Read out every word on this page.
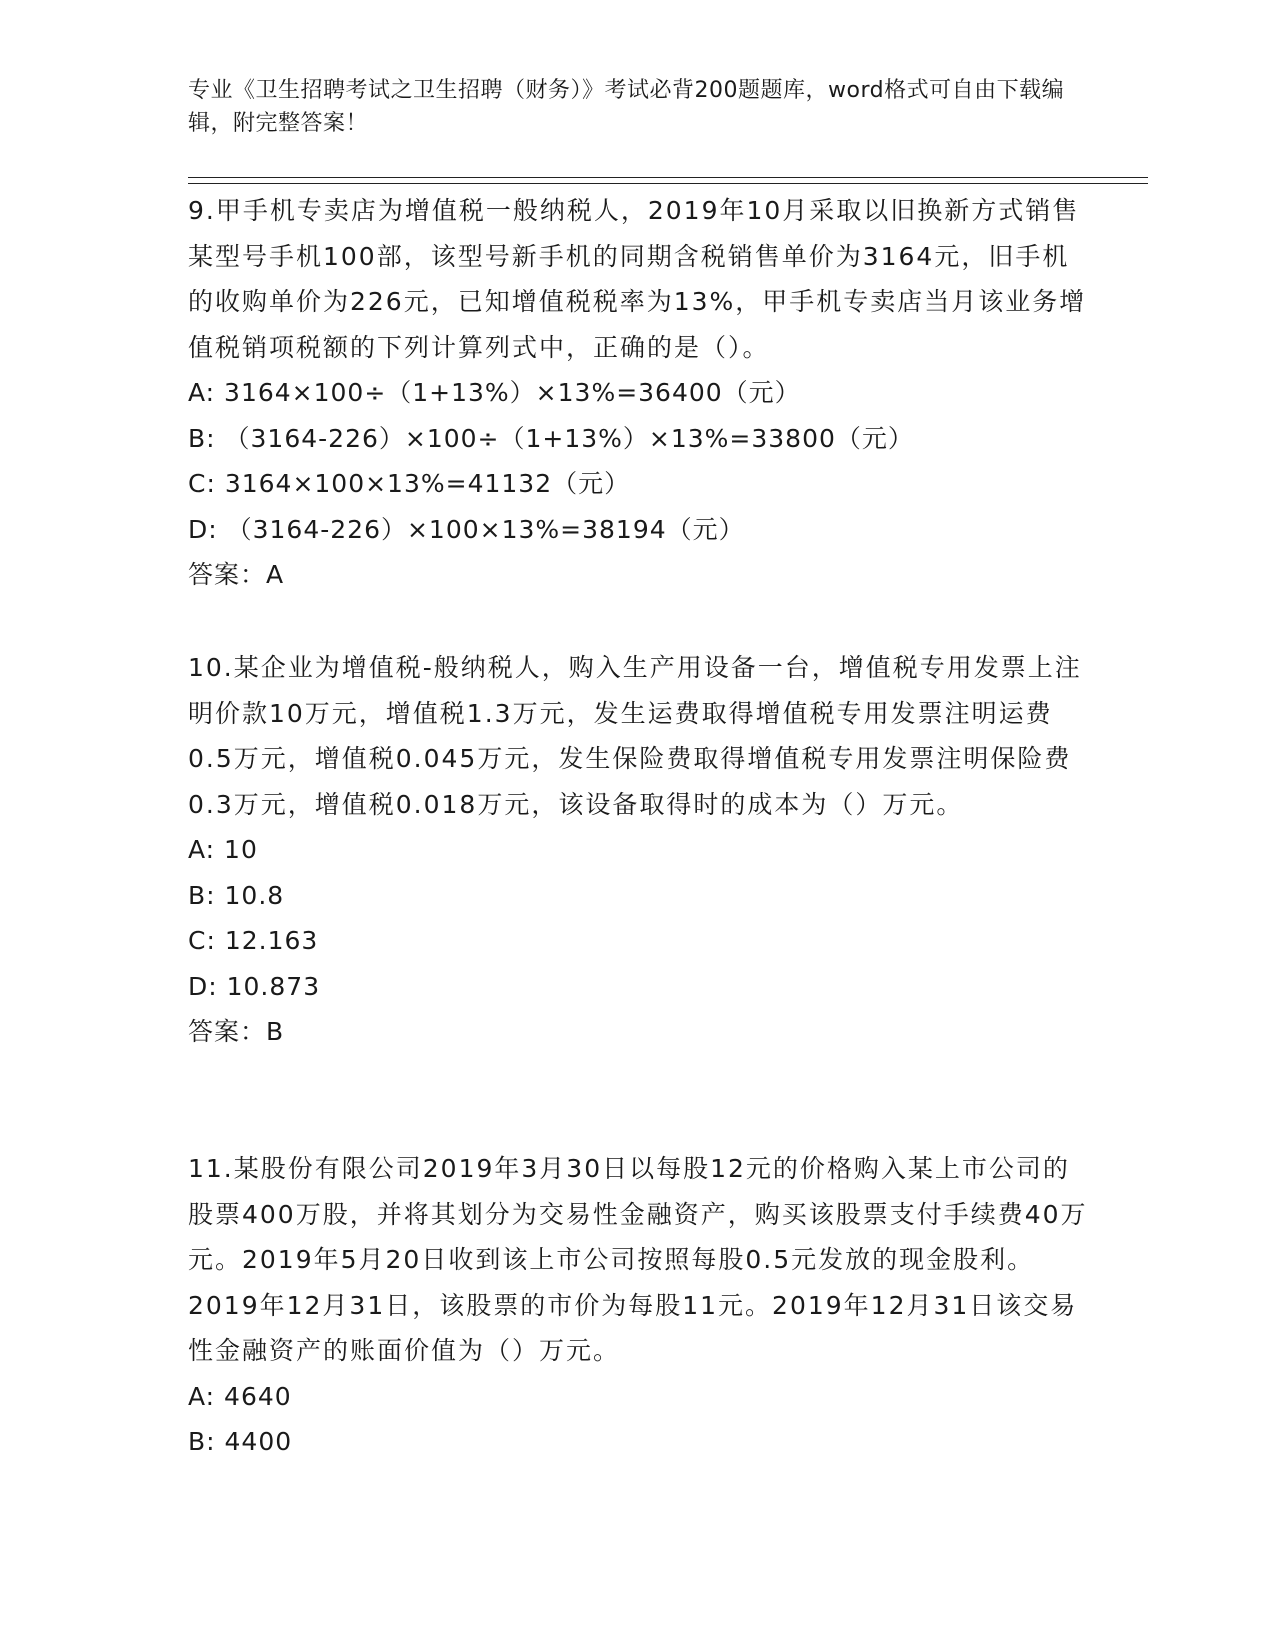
专业《卫生招聘考试之卫生招聘（财务）》考试必背200题题库，word格式可自由下载编辑，附完整答案！

9.甲手机专卖店为增值税一般纳税人，2019年10月采取以旧换新方式销售某型号手机100部，该型号新手机的同期含税销售单价为3164元，旧手机的收购单价为226元，已知增值税税率为13%，甲手机专卖店当月该业务增值税销项税额的下列计算列式中，正确的是（）。

A: 3164×100÷（1+13%）×13%=36400（元）

B: （3164-226）×100÷（1+13%）×13%=33800（元）

C: 3164×100×13%=41132（元）

D: （3164-226）×100×13%=38194（元）

答案：A

10.某企业为增值税-般纳税人，购入生产用设备一台，增值税专用发票上注明价款10万元，增值税1.3万元，发生运费取得增值税专用发票注明运费0.5万元，增值税0.045万元，发生保险费取得增值税专用发票注明保险费0.3万元，增值税0.018万元，该设备取得时的成本为（）万元。

A: 10

B: 10.8

C: 12.163

D: 10.873

答案：B

11.某股份有限公司2019年3月30日以每股12元的价格购入某上市公司的股票400万股，并将其划分为交易性金融资产，购买该股票支付手续费40万元。2019年5月20日收到该上市公司按照每股0.5元发放的现金股利。2019年12月31日，该股票的市价为每股11元。2019年12月31日该交易性金融资产的账面价值为（）万元。

A: 4640

B: 4400
